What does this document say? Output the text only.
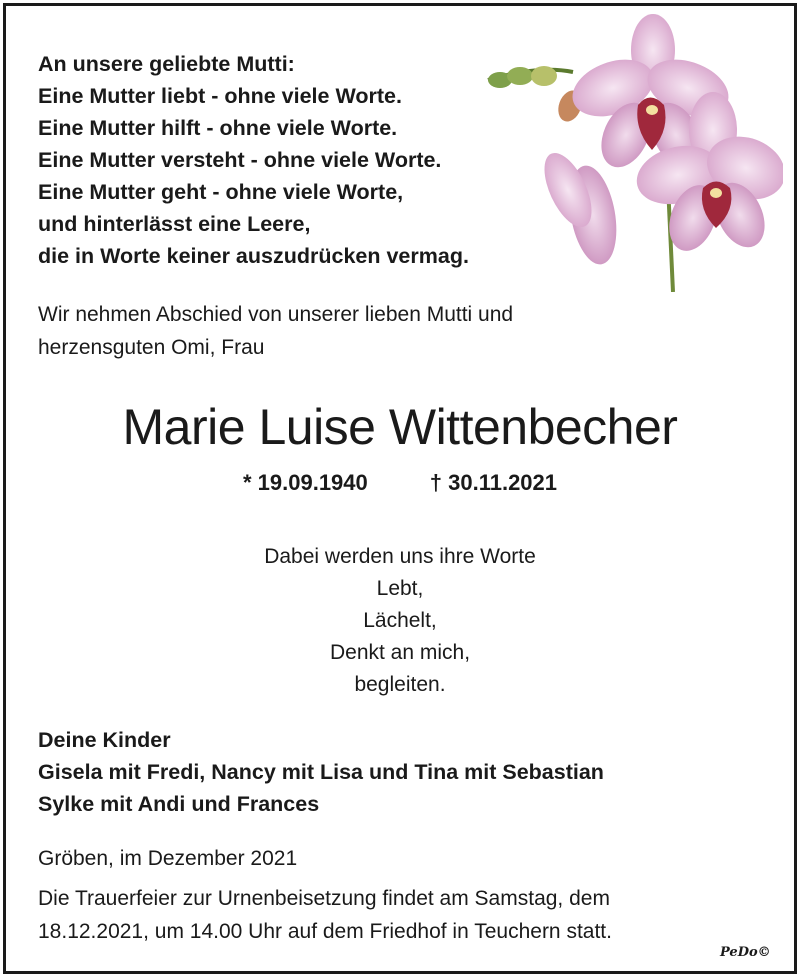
An unsere geliebte Mutti:
Eine Mutter liebt - ohne viele Worte.
Eine Mutter hilft - ohne viele Worte.
Eine Mutter versteht - ohne viele Worte.
Eine Mutter geht - ohne viele Worte,
und hinterlässt eine Leere,
die in Worte keiner auszudrücken vermag.
Wir nehmen Abschied von unserer lieben Mutti und
herzensguten Omi, Frau
Marie Luise Wittenbecher
* 19.09.1940	† 30.11.2021
Dabei werden uns ihre Worte
Lebt,
Lächelt,
Denkt an mich,
begleiten.
Deine Kinder
Gisela mit Fredi, Nancy mit Lisa und Tina mit Sebastian
Sylke mit Andi und Frances
Gröben, im Dezember 2021
Die Trauerfeier zur Urnenbeisetzung findet am Samstag, dem
18.12.2021, um 14.00 Uhr auf dem Friedhof in Teuchern statt.
PeDo©
